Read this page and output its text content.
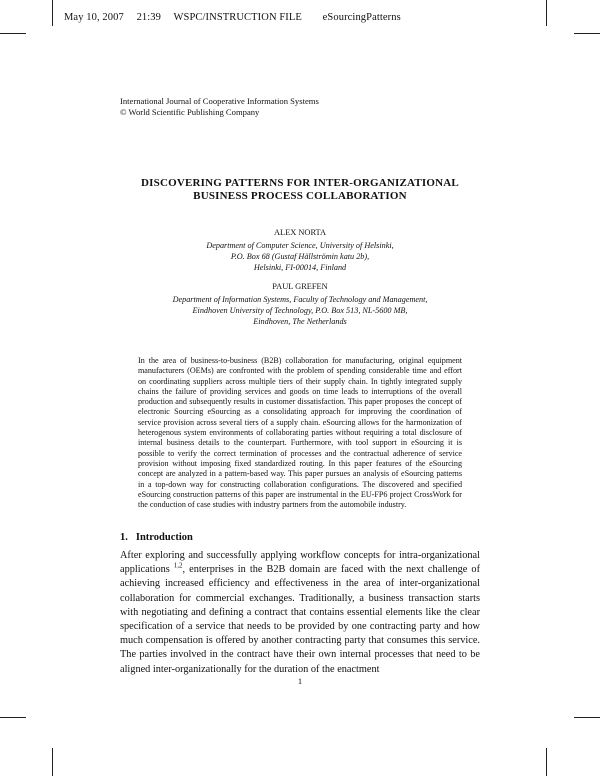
May 10, 2007 21:39 WSPC/INSTRUCTION FILE eSourcingPatterns
International Journal of Cooperative Information Systems
© World Scientific Publishing Company
DISCOVERING PATTERNS FOR INTER-ORGANIZATIONAL
BUSINESS PROCESS COLLABORATION
ALEX NORTA
Department of Computer Science, University of Helsinki,
P.O. Box 68 (Gustaf Hällströmin katu 2b),
Helsinki, FI-00014, Finland
PAUL GREFEN
Department of Information Systems, Faculty of Technology and Management,
Eindhoven University of Technology, P.O. Box 513, NL-5600 MB,
Eindhoven, The Netherlands
In the area of business-to-business (B2B) collaboration for manufacturing, original equipment manufacturers (OEMs) are confronted with the problem of spending considerable time and effort on coordinating suppliers across multiple tiers of their supply chain. In tightly integrated supply chains the failure of providing services and goods on time leads to interruptions of the overall production and subsequently results in customer dissatisfaction. This paper proposes the concept of electronic Sourcing eSourcing as a consolidating approach for improving the coordination of service provision across several tiers of a supply chain. eSourcing allows for the harmonization of heterogenous system environments of collaborating parties without requiring a total disclosure of internal business details to the counterpart. Furthermore, with tool support in eSourcing it is possible to verify the correct termination of processes and the contractual adherence of service provision without imposing fixed standardized routing. In this paper features of the eSourcing concept are analyzed in a pattern-based way. This paper pursues an analysis of eSourcing patterns in a top-down way for constructing collaboration configurations. The discovered and specified eSourcing construction patterns of this paper are instrumental in the EU-FP6 project CrossWork for the conduction of case studies with industry partners from the automobile industry.
1. Introduction
After exploring and successfully applying workflow concepts for intra-organizational applications $^{1,2}$, enterprises in the B2B domain are faced with the next challenge of achieving increased efficiency and effectiveness in the area of inter-organizational collaboration for commercial exchanges. Traditionally, a business transaction starts with negotiating and defining a contract that contains essential elements like the clear specification of a service that needs to be provided by one contracting party and how much compensation is offered by another contracting party that consumes this service. The parties involved in the contract have their own internal processes that need to be aligned inter-organizationally for the duration of the enactment
1
